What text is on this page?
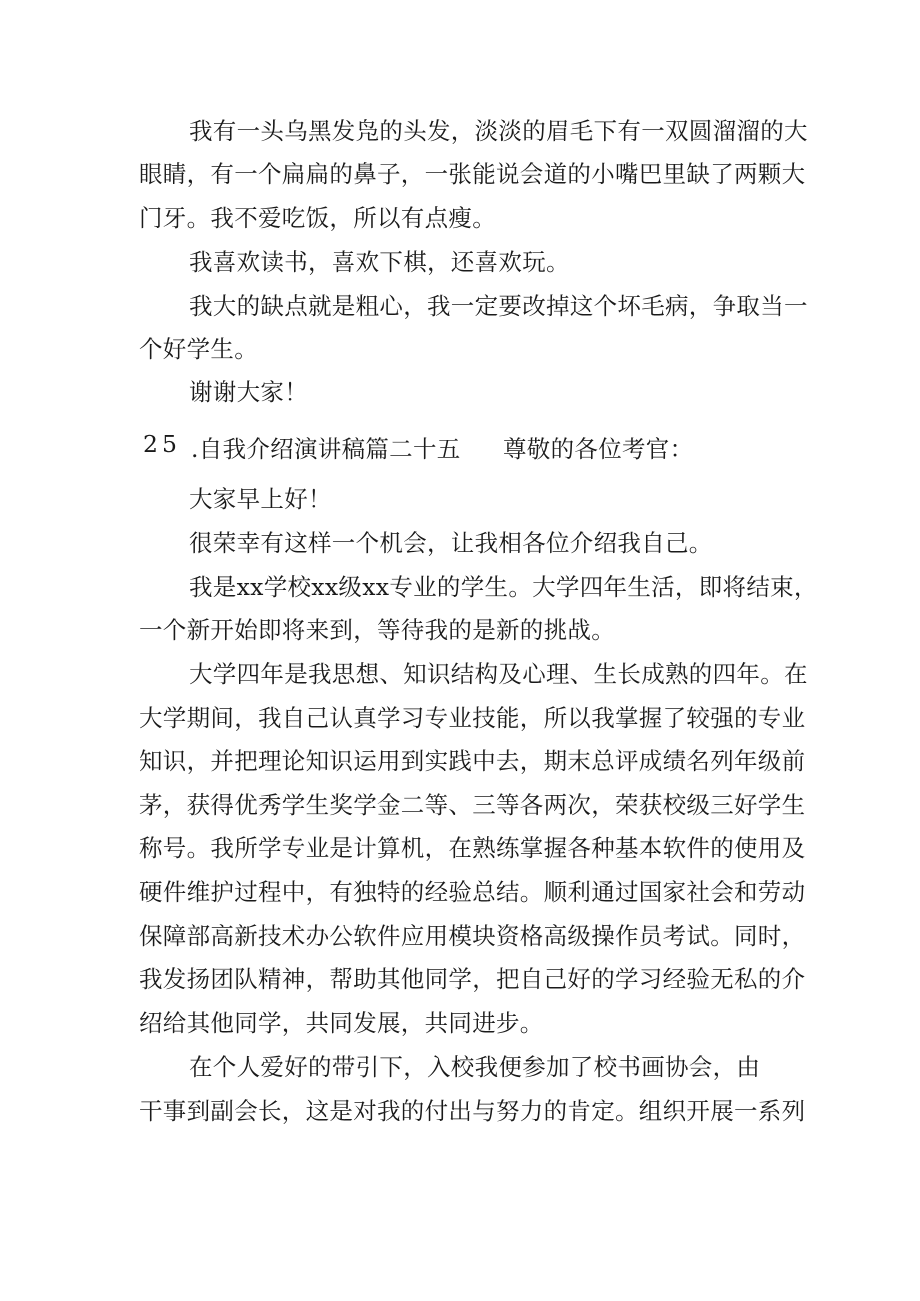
我有一头乌黑发凫的头发，淡淡的眉毛下有一双圆溜溜的大

眼睛，有一个扁扁的鼻子，一张能说会道的小嘴巴里缺了两颗大

门牙。我不爱吃饭，所以有点瘦。

我喜欢读书，喜欢下棋，还喜欢玩。

我大的缺点就是粗心，我一定要改掉这个坏毛病，争取当一

个好学生。

谢谢大家！

25 .自我介绍演讲稿篇二十五 尊敬的各位考官：

大家早上好！

很荣幸有这样一个机会，让我相各位介绍我自己。

我是xx学校xx级xx专业的学生。大学四年生活，即将结束，

一个新开始即将来到，等待我的是新的挑战。

大学四年是我思想、知识结构及心理、生长成熟的四年。在

大学期间，我自己认真学习专业技能，所以我掌握了较强的专业

知识，并把理论知识运用到实践中去，期末总评成绩名列年级前

茅，获得优秀学生奖学金二等、三等各两次，荣获校级三好学生

称号。我所学专业是计算机，在熟练掌握各种基本软件的使用及

硬件维护过程中，有独特的经验总结。顺利通过国家社会和劳动

保障部高新技术办公软件应用模块资格高级操作员考试。同时，

我发扬团队精神，帮助其他同学，把自己好的学习经验无私的介

绍给其他同学，共同发展，共同进步。

在个人爱好的带引下，入校我便参加了校书画协会，由

干事到副会长，这是对我的付出与努力的肯定。组织开展一系列
